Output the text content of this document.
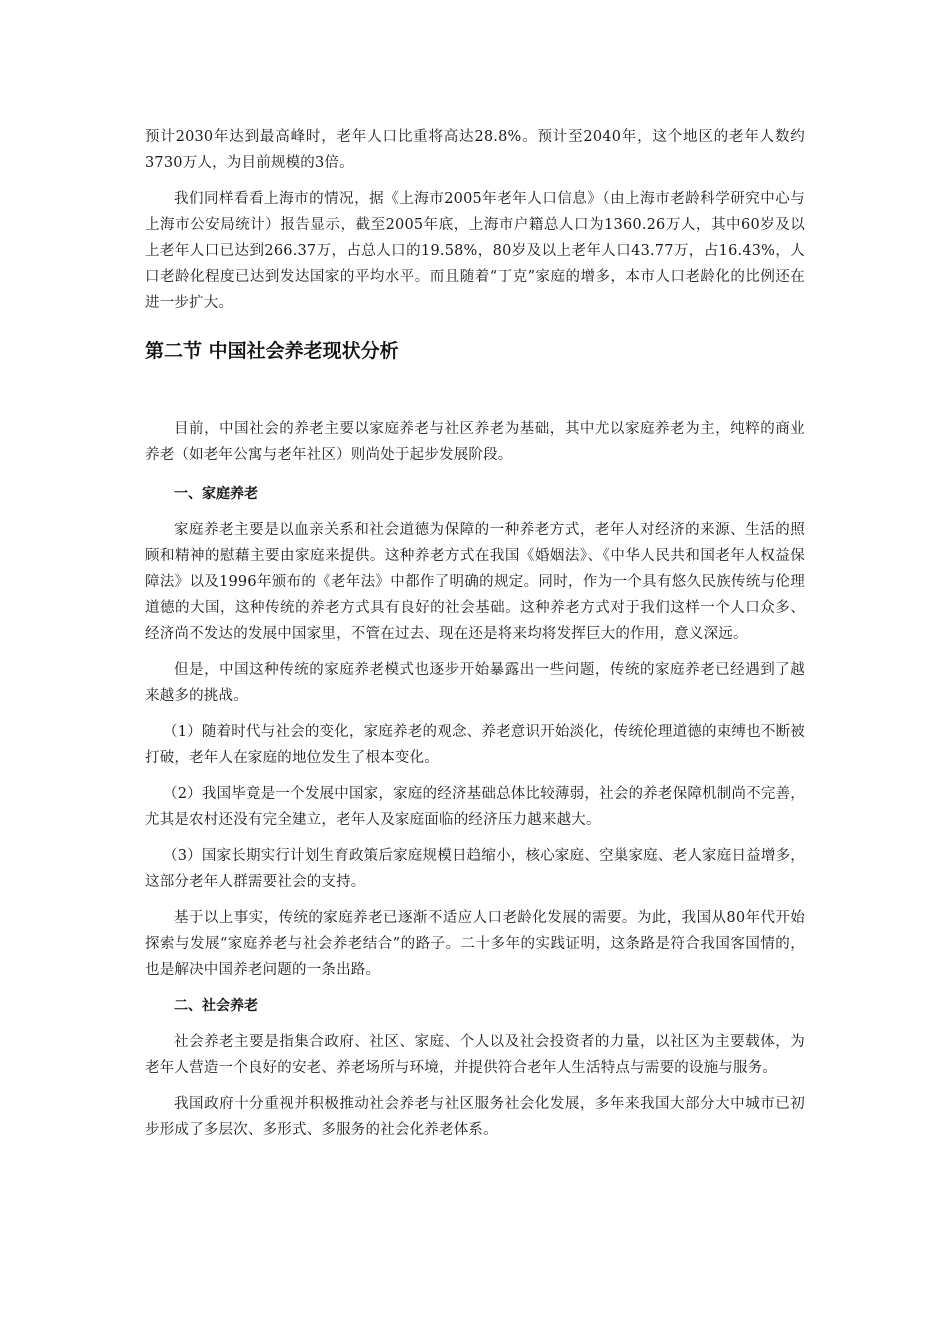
预计2030年达到最高峰时，老年人口比重将高达28.8%。预计至2040年，这个地区的老年人数约3730万人，为目前规模的3倍。

我们同样看看上海市的情况，据《上海市2005年老年人口信息》（由上海市老龄科学研究中心与上海市公安局统计）报告显示，截至2005年底，上海市户籍总人口为1360.26万人，其中60岁及以上老年人口已达到266.37万，占总人口的19.58%，80岁及以上老年人口43.77万，占16.43%，人口老龄化程度已达到发达国家的平均水平。而且随着“丁克”家庭的增多，本市人口老龄化的比例还在进一步扩大。

第二节 中国社会养老现状分析

目前，中国社会的养老主要以家庭养老与社区养老为基础，其中尤以家庭养老为主，纯粹的商业养老（如老年公寓与老年社区）则尚处于起步发展阶段。

一、家庭养老

家庭养老主要是以血亲关系和社会道德为保障的一种养老方式，老年人对经济的来源、生活的照顾和精神的慰藉主要由家庭来提供。这种养老方式在我国《婚姻法》、《中华人民共和国老年人权益保障法》以及1996年颁布的《老年法》中都作了明确的规定。同时，作为一个具有悠久民族传统与伦理道德的大国，这种传统的养老方式具有良好的社会基础。这种养老方式对于我们这样一个人口众多、经济尚不发达的发展中国家里，不管在过去、现在还是将来均将发挥巨大的作用，意义深远。

但是，中国这种传统的家庭养老模式也逐步开始暴露出一些问题，传统的家庭养老已经遇到了越来越多的挑战。

（1）随着时代与社会的变化，家庭养老的观念、养老意识开始淡化，传统伦理道德的束缚也不断被打破，老年人在家庭的地位发生了根本变化。

（2）我国毕竟是一个发展中国家，家庭的经济基础总体比较薄弱，社会的养老保障机制尚不完善，尤其是农村还没有完全建立，老年人及家庭面临的经济压力越来越大。

（3）国家长期实行计划生育政策后家庭规模日趋缩小，核心家庭、空巢家庭、老人家庭日益增多，这部分老年人群需要社会的支持。

基于以上事实，传统的家庭养老已逐渐不适应人口老龄化发展的需要。为此，我国从80年代开始探索与发展“家庭养老与社会养老结合”的路子。二十多年的实践证明，这条路是符合我国客国情的，也是解决中国养老问题的一条出路。

二、社会养老

社会养老主要是指集合政府、社区、家庭、个人以及社会投资者的力量，以社区为主要载体，为老年人营造一个良好的安老、养老场所与环境，并提供符合老年人生活特点与需要的设施与服务。

我国政府十分重视并积极推动社会养老与社区服务社会化发展，多年来我国大部分大中城市已初步形成了多层次、多形式、多服务的社会化养老体系。
